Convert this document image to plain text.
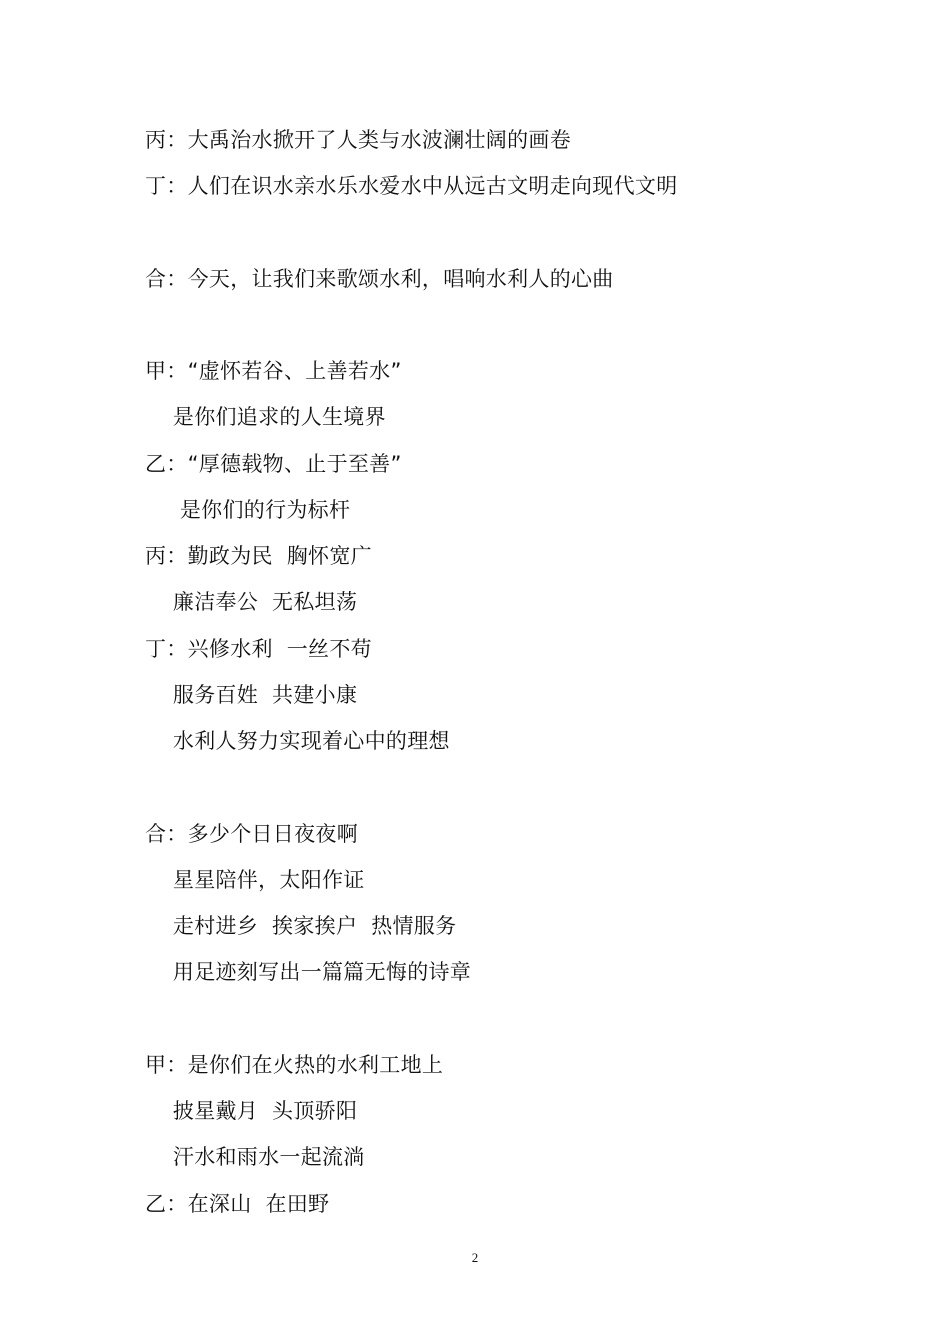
丙：大禹治水掀开了人类与水波澜壮阔的画卷
丁：人们在识水亲水乐水爱水中从远古文明走向现代文明
合：今天，让我们来歌颂水利，唱响水利人的心曲
甲：“虚怀若谷、上善若水”
是你们追求的人生境界
乙：“厚德载物、止于至善”
是你们的行为标杆
丙：勤政为民  胸怀宽广
廉洁奉公  无私坦荡
丁：兴修水利  一丝不苟
服务百姓  共建小康
水利人努力实现着心中的理想
合：多少个日日夜夜啊
星星陪伴，太阳作证
走村进乡  挨家挨户  热情服务
用足迹刻写出一篇篇无悔的诗章
甲：是你们在火热的水利工地上
披星戴月  头顶骄阳
汗水和雨水一起流淌
乙：在深山  在田野
2
